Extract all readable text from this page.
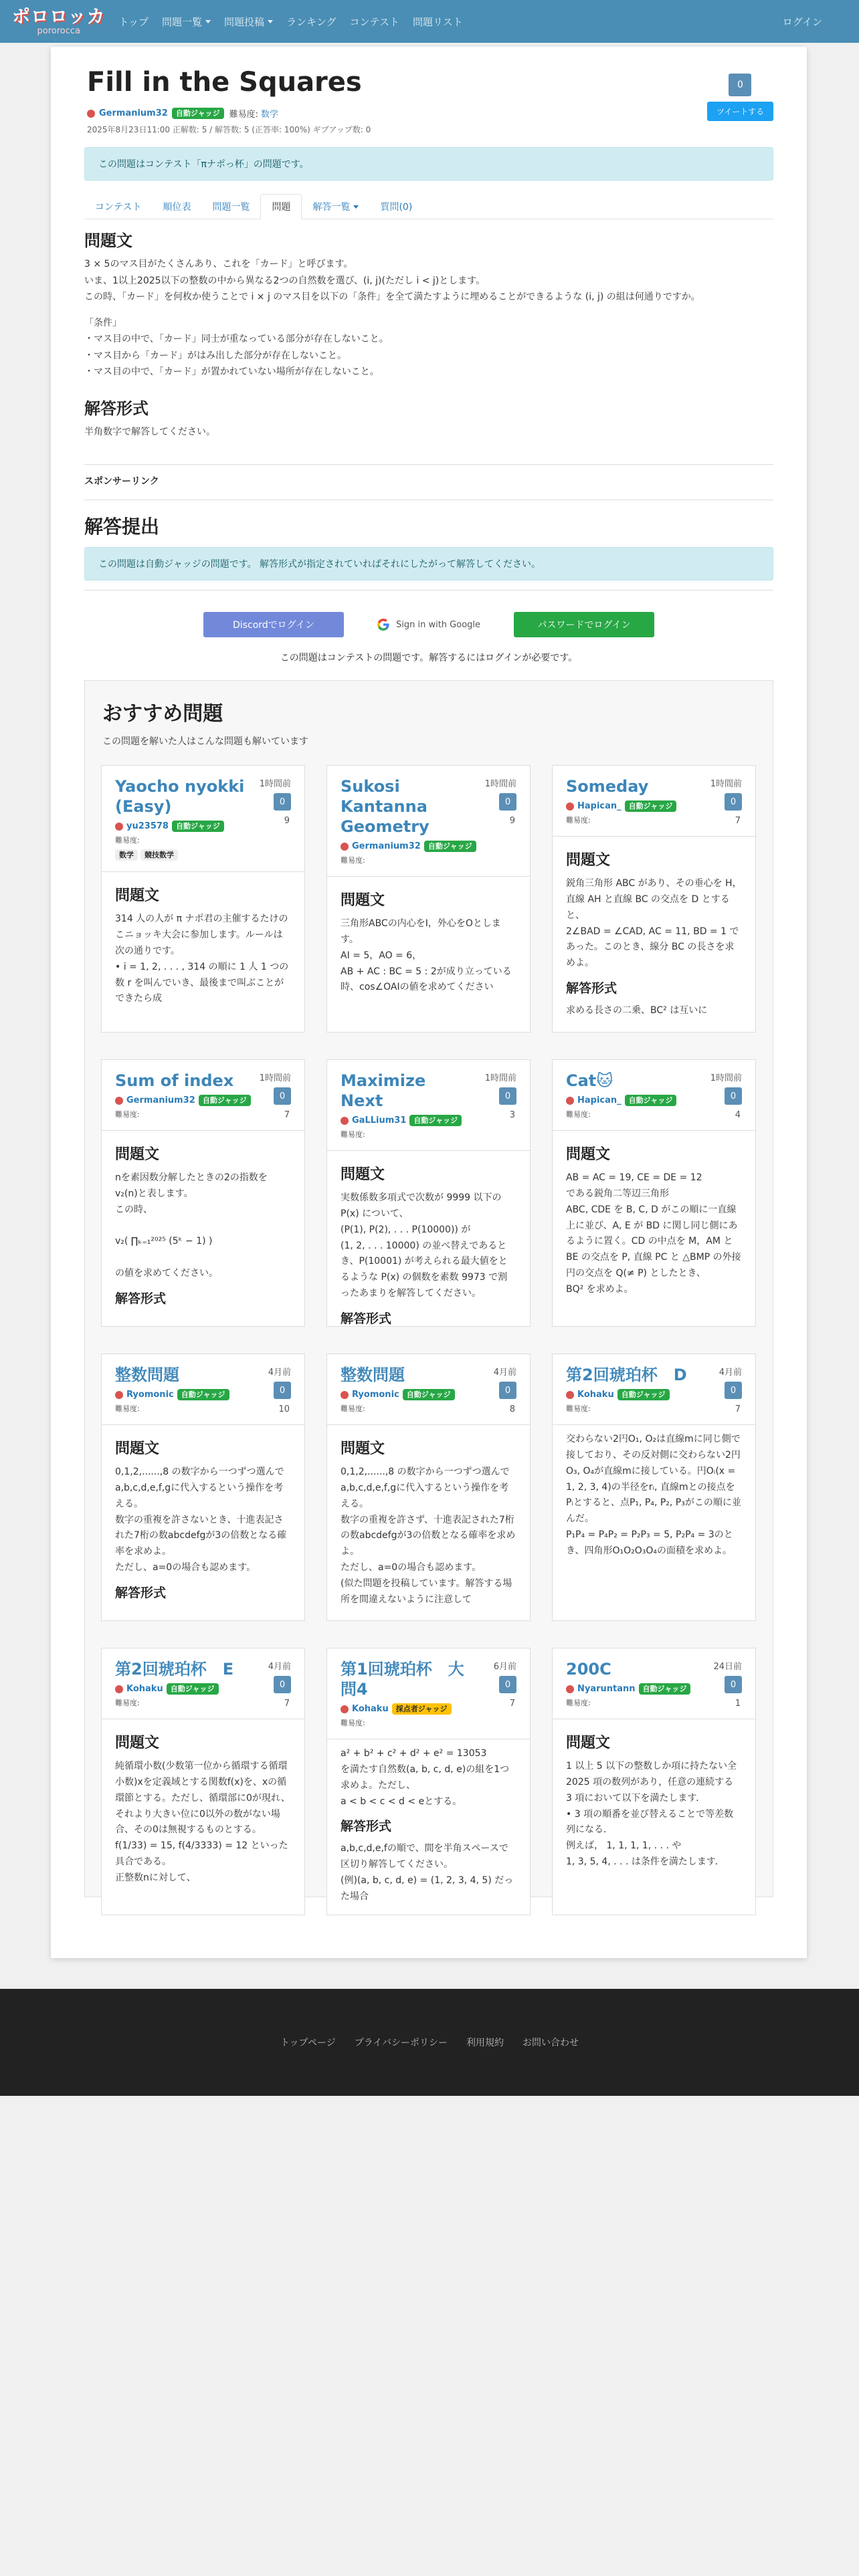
ポロロッカ
pororocca
トップ 問題一覧 問題投稿 ランキング コンテスト 問題リスト	ログイン
Fill in the Squares
Germanium32	自動ジャッジ	難易度: 数学
2025年8月23日11:00 正解数: 5 / 解答数: 5 (正答率: 100%) ギブアップ数: 0
0
ツイートする
この問題はコンテスト「πナポっ杯」の問題です。
コンテスト	順位表	問題一覧	問題	解答一覧	質問(0)
問題文
3 × 5のマス目がたくさんあり、これを「カード」と呼びます。
いま、1以上2025以下の整数の中から異なる2つの自然数を選び、(i, j)(ただし i < j)とします。
この時、「カード」を何枚か使うことで i × j のマス目を以下の「条件」を全て満たすように埋めることができるような (i, j) の組は何通りですか。
「条件」
・マス目の中で、「カード」同士が重なっている部分が存在しないこと。
・マス目から「カード」がはみ出した部分が存在しないこと。
・マス目の中で、「カード」が置かれていない場所が存在しないこと。
解答形式
半角数字で解答してください。
スポンサーリンク
解答提出
この問題は自動ジャッジの問題です。 解答形式が指定されていればそれにしたがって解答してください。
Discordでログイン	Sign in with Google	パスワードでログイン
この問題はコンテストの問題です。解答するにはログインが必要です。
おすすめ問題
この問題を解いた人はこんな問題も解いています
Yaocho nyokki (Easy)
1時間前
0
9
yu23578	自動ジャッジ
難易度:
数学	競技数学
問題文
314 人の人が π ナポ君の主催するたけのこニョッキ大会に参加します。ルールは次の通りです。
• i = 1, 2, . . . , 314 の順に 1 人 1 つの数 r を叫んでいき、最後まで叫ぶことができたら成
Sukosi Kantanna Geometry
1時間前
0
9
Germanium32	自動ジャッジ
難易度:
問題文
三角形ABCの内心をI，外心をOとします。
AI = 5，AO = 6，
AB + AC : BC = 5 : 2が成り立っている時、cos∠OAIの値を求めてください
Someday	1時間前
0
7
Hapican_	自動ジャッジ
難易度:
問題文
鋭角三角形 ABC があり、その垂心を H，直線 AH と直線 BC の交点を D とすると、
2∠BAD = ∠CAD, AC = 11, BD = 1 であった。このとき、線分 BC の長さを求めよ。
解答形式
求める長さの二乗、BC² は互いに
Sum of index	1時間前
0
7
Germanium32	自動ジャッジ
難易度:
問題文
nを素因数分解したときの2の指数を v₂(n)と表します。
この時、

v₂( ∏ₖ₌₁²⁰²⁵ (5ᵏ − 1) )

の値を求めてください。
解答形式
Maximize Next
1時間前
0
3
GaLLium31	自動ジャッジ
難易度:
問題文
実数係数多項式で次数が 9999 以下の P(x) について、
(P(1), P(2), . . . P(10000)) が
(1, 2, . . . 10000) の並べ替えであるとき、P(10001) が考えられる最大値をとるような P(x) の個数を素数 9973 で割ったあまりを解答してください。
解答形式
Cat🐱	1時間前
0
4
Hapican_	自動ジャッジ
難易度:
問題文
AB = AC = 19, CE = DE = 12
である鋭角二等辺三角形
ABC, CDE を B, C, D がこの順に一直線上に並び、A, E が BD に関し同じ側にあるように置く。CD の中点を M，AM と BE の交点を P, 直線 PC と △BMP の外接円の交点を Q(≠ P) としたとき、
BQ² を求めよ。
整数問題	4月前
0
10
Ryomonic	自動ジャッジ
難易度:
問題文
0,1,2,......,8 の数字から一つずつ選んでa,b,c,d,e,f,gに代入するという操作を考える。
数字の重複を許さないとき、十進表記された7桁の数abcdefgが3の倍数となる確率を求めよ。
ただし、a=0の場合も認めます。
解答形式
整数問題	4月前
0
8
Ryomonic	自動ジャッジ
難易度:
問題文
0,1,2,......,8 の数字から一つずつ選んでa,b,c,d,e,f,gに代入するという操作を考える。
数字の重複を許さず、十進表記された7桁の数abcdefgが3の倍数となる確率を求めよ。
ただし、a=0の場合も認めます。
(似た問題を投稿しています。解答する場所を間違えないように注意して
第2回琥珀杯　D	4月前
0
7
Kohaku	自動ジャッジ
難易度:
交わらない2円O₁, O₂は直線mに同じ側で接しており、その反対側に交わらない2円O₃, O₄が直線mに接している。円Oᵢ(x = 1, 2, 3, 4)の半径をrᵢ, 直線mとの接点をPᵢとすると、点P₁, P₄, P₂, P₃がこの順に並んだ。
P₁P₄ = P₄P₂ = P₂P₃ = 5, P₂P₄ = 3のとき、四角形O₁O₂O₃O₄の面積を求めよ。
第2回琥珀杯　E	4月前
0
7
Kohaku	自動ジャッジ
難易度:
問題文
純循環小数(少数第一位から循環する循環小数)xを定義域とする関数f(x)を、xの循環節とする。ただし、循環部に0が現れ、それより大きい位に0以外の数がない場合、その0は無視するものとする。
f(1/33) = 15, f(4/3333) = 12 といった具合である。
正整数nに対して、
第1回琥珀杯　大問4
6月前
0
7
Kohaku	採点者ジャッジ
難易度:
a² + b² + c² + d² + e² = 13053
を満たす自然数(a, b, c, d, e)の組を1つ求めよ。ただし、
a < b < c < d < eとする。
解答形式
a,b,c,d,e,fの順で、間を半角スペースで区切り解答してください。
(例)(a, b, c, d, e) = (1, 2, 3, 4, 5) だった場合
200C	24日前
0
1
Nyaruntann	自動ジャッジ
難易度:
問題文
1 以上 5 以下の整数しか項に持たない全 2025 項の数列があり，任意の連続する 3 項において以下を満たします．
• 3 項の順番を並び替えることで等差数列になる．
例えば， 1, 1, 1, 1, . . . や
1, 3, 5, 4, . . . は条件を満たします．
トップページ プライバシーポリシー 利用規約 お問い合わせ
